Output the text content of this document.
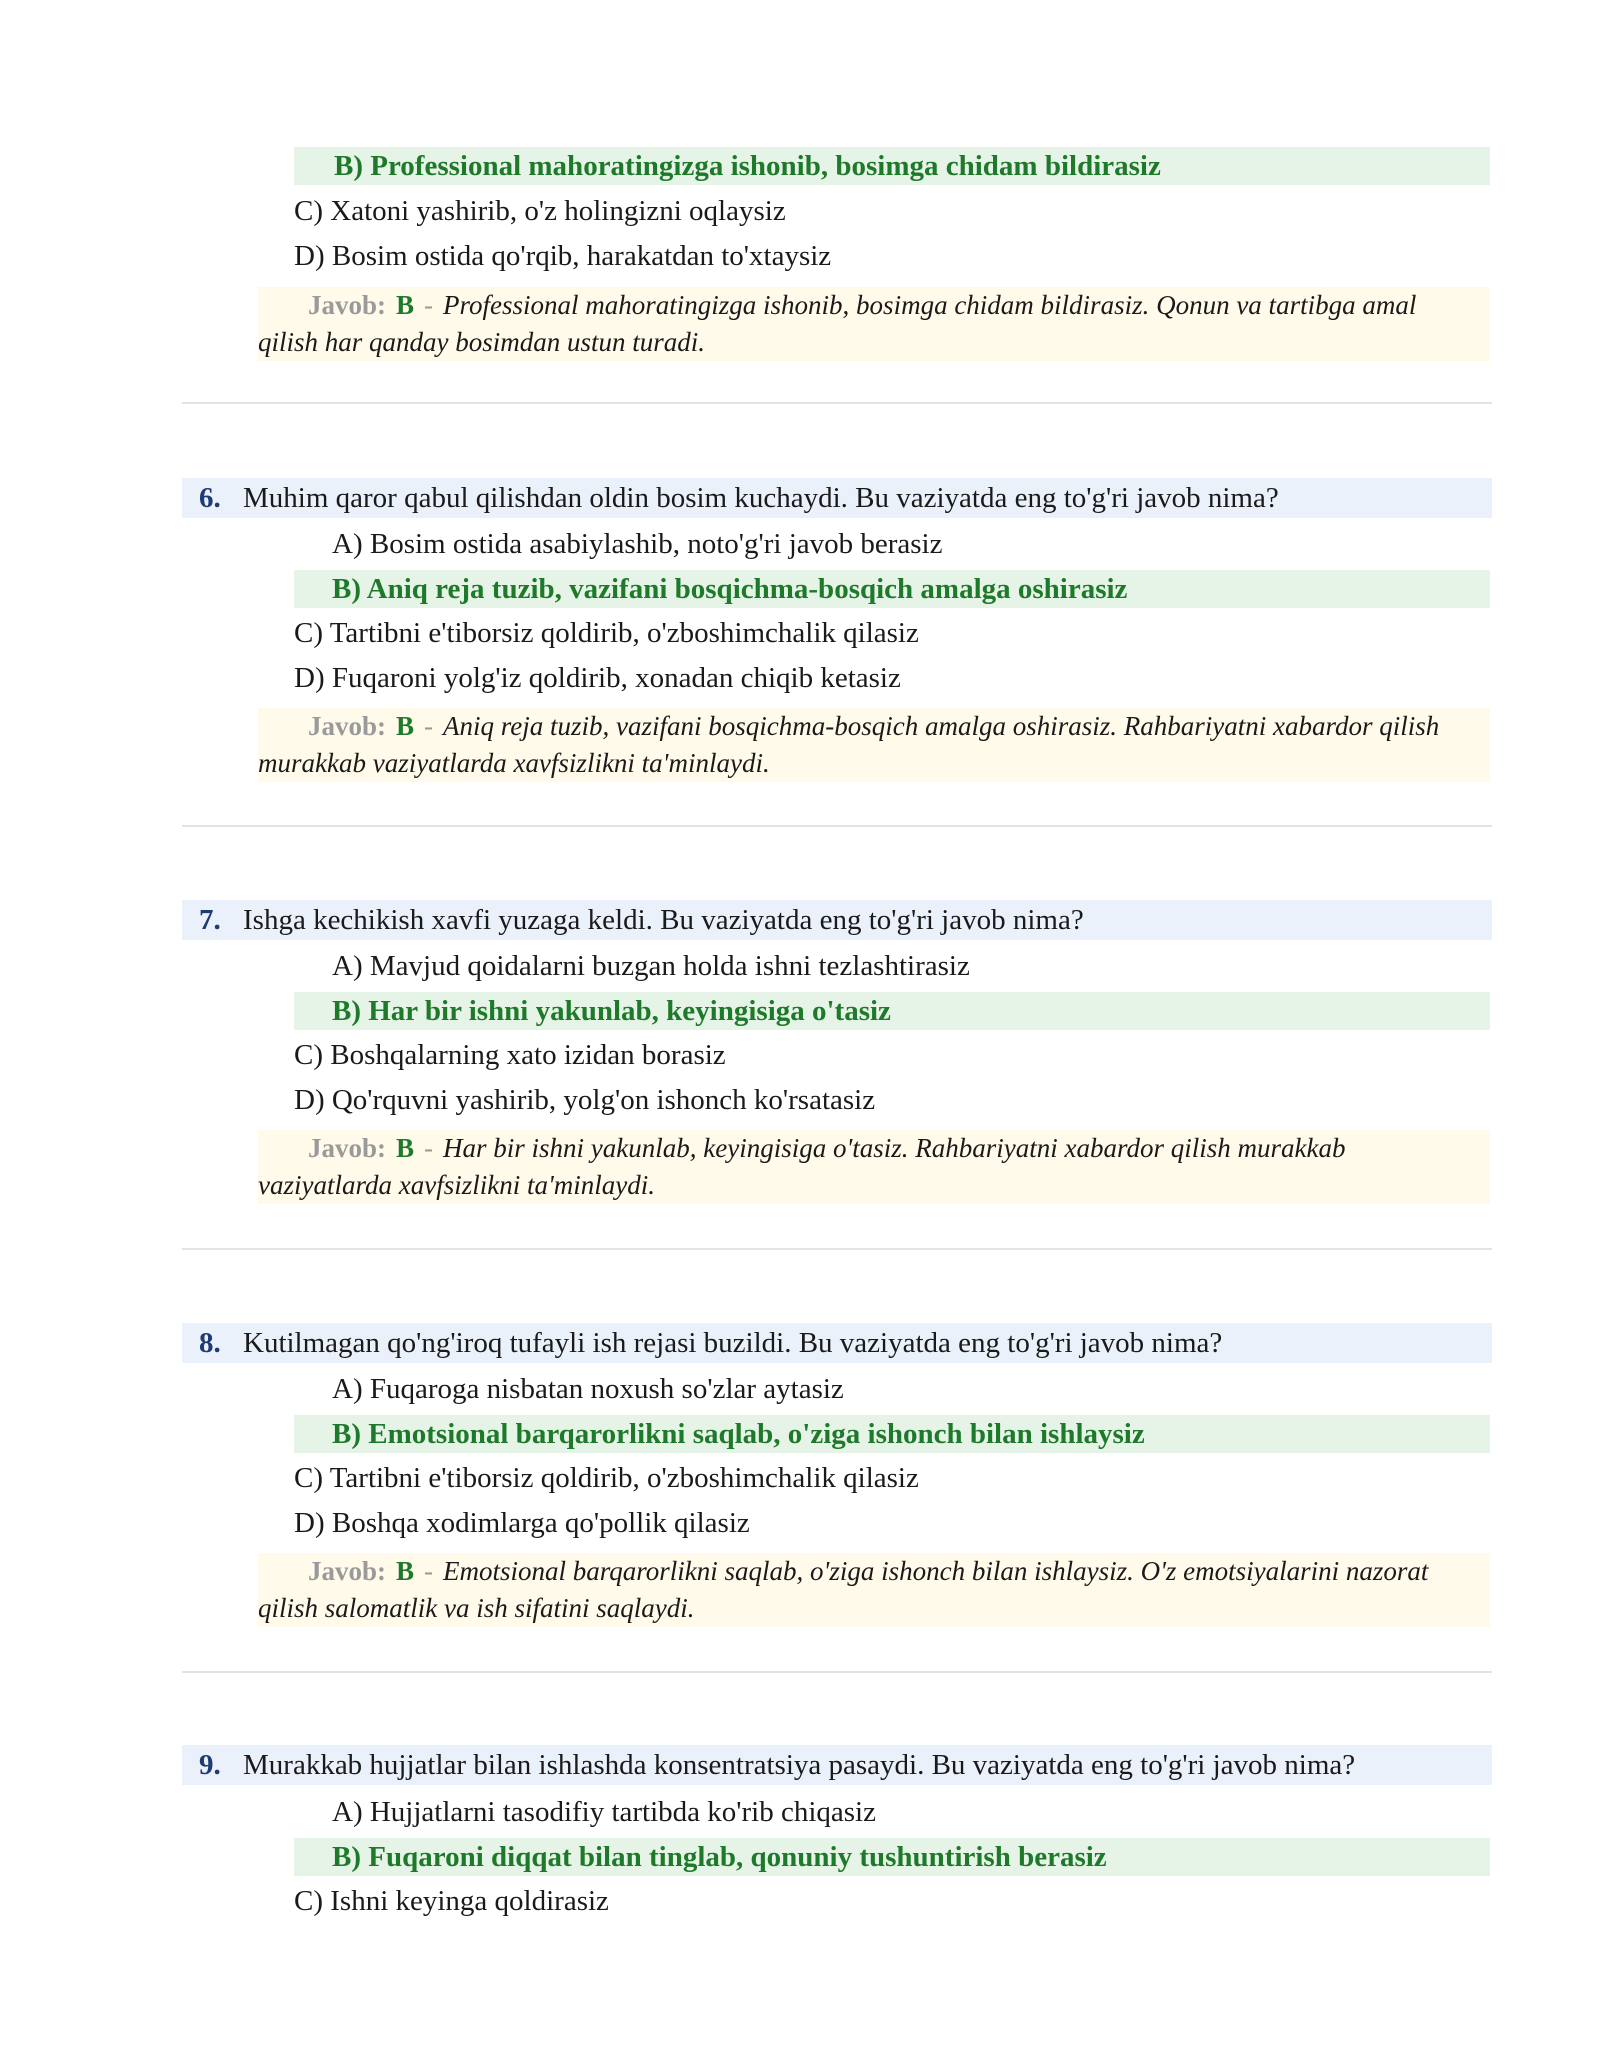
B) Professional mahoratingizga ishonib, bosimga chidam bildirasiz
C) Xatoni yashirib, o'z holingizni oqlaysiz
D) Bosim ostida qo'rqib, harakatdan to'xtaysiz
Javob: B - Professional mahoratingizga ishonib, bosimga chidam bildirasiz. Qonun va tartibga amal qilish har qanday bosimdan ustun turadi.
6. Muhim qaror qabul qilishdan oldin bosim kuchaydi. Bu vaziyatda eng to'g'ri javob nima?
A) Bosim ostida asabiylashib, noto'g'ri javob berasiz
B) Aniq reja tuzib, vazifani bosqichma-bosqich amalga oshirasiz
C) Tartibni e'tiborsiz qoldirib, o'zboshimchalik qilasiz
D) Fuqaroni yolg'iz qoldirib, xonadan chiqib ketasiz
Javob: B - Aniq reja tuzib, vazifani bosqichma-bosqich amalga oshirasiz. Rahbariyatni xabardor qilish murakkab vaziyatlarda xavfsizlikni ta'minlaydi.
7. Ishga kechikish xavfi yuzaga keldi. Bu vaziyatda eng to'g'ri javob nima?
A) Mavjud qoidalarni buzgan holda ishni tezlashtirasiz
B) Har bir ishni yakunlab, keyingisiga o'tasiz
C) Boshqalarning xato izidan borasiz
D) Qo'rquvni yashirib, yolg'on ishonch ko'rsatasiz
Javob: B - Har bir ishni yakunlab, keyingisiga o'tasiz. Rahbariyatni xabardor qilish murakkab vaziyatlarda xavfsizlikni ta'minlaydi.
8. Kutilmagan qo'ng'iroq tufayli ish rejasi buzildi. Bu vaziyatda eng to'g'ri javob nima?
A) Fuqaroga nisbatan noxush so'zlar aytasiz
B) Emotsional barqarorlikni saqlab, o'ziga ishonch bilan ishlaysiz
C) Tartibni e'tiborsiz qoldirib, o'zboshimchalik qilasiz
D) Boshqa xodimlarga qo'pollik qilasiz
Javob: B - Emotsional barqarorlikni saqlab, o'ziga ishonch bilan ishlaysiz. O'z emotsiyalarini nazorat qilish salomatlik va ish sifatini saqlaydi.
9. Murakkab hujjatlar bilan ishlashda konsentratsiya pasaydi. Bu vaziyatda eng to'g'ri javob nima?
A) Hujjatlarni tasodifiy tartibda ko'rib chiqasiz
B) Fuqaroni diqqat bilan tinglab, qonuniy tushuntirish berasiz
C) Ishni keyinga qoldirasiz
